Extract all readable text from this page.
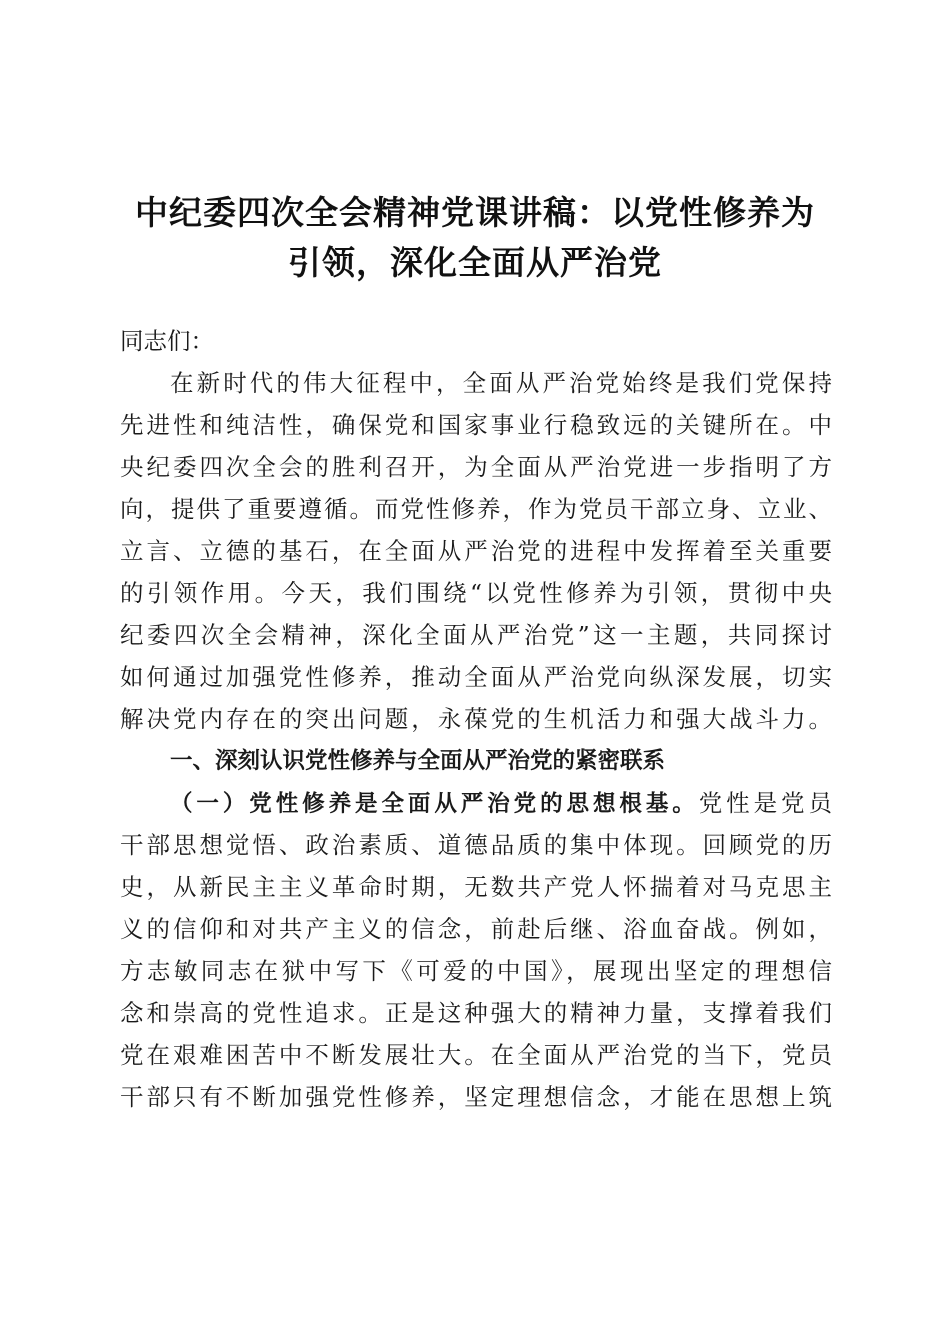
中纪委四次全会精神党课讲稿：以党性修养为
引领，深化全面从严治党
同志们：
在新时代的伟大征程中，全面从严治党始终是我们党保持
先进性和纯洁性，确保党和国家事业行稳致远的关键所在。中
央纪委四次全会的胜利召开，为全面从严治党进一步指明了方
向，提供了重要遵循。而党性修养，作为党员干部立身、立业、
立言、立德的基石，在全面从严治党的进程中发挥着至关重要
的引领作用。今天，我们围绕“以党性修养为引领，贯彻中央
纪委四次全会精神，深化全面从严治党”这一主题，共同探讨
如何通过加强党性修养，推动全面从严治党向纵深发展，切实
解决党内存在的突出问题，永葆党的生机活力和强大战斗力。
一、深刻认识党性修养与全面从严治党的紧密联系
（一）党性修养是全面从严治党的思想根基。党性是党员
干部思想觉悟、政治素质、道德品质的集中体现。回顾党的历
史，从新民主主义革命时期，无数共产党人怀揣着对马克思主
义的信仰和对共产主义的信念，前赴后继、浴血奋战。例如，
方志敏同志在狱中写下《可爱的中国》，展现出坚定的理想信
念和崇高的党性追求。正是这种强大的精神力量，支撑着我们
党在艰难困苦中不断发展壮大。在全面从严治党的当下，党员
干部只有不断加强党性修养，坚定理想信念，才能在思想上筑
